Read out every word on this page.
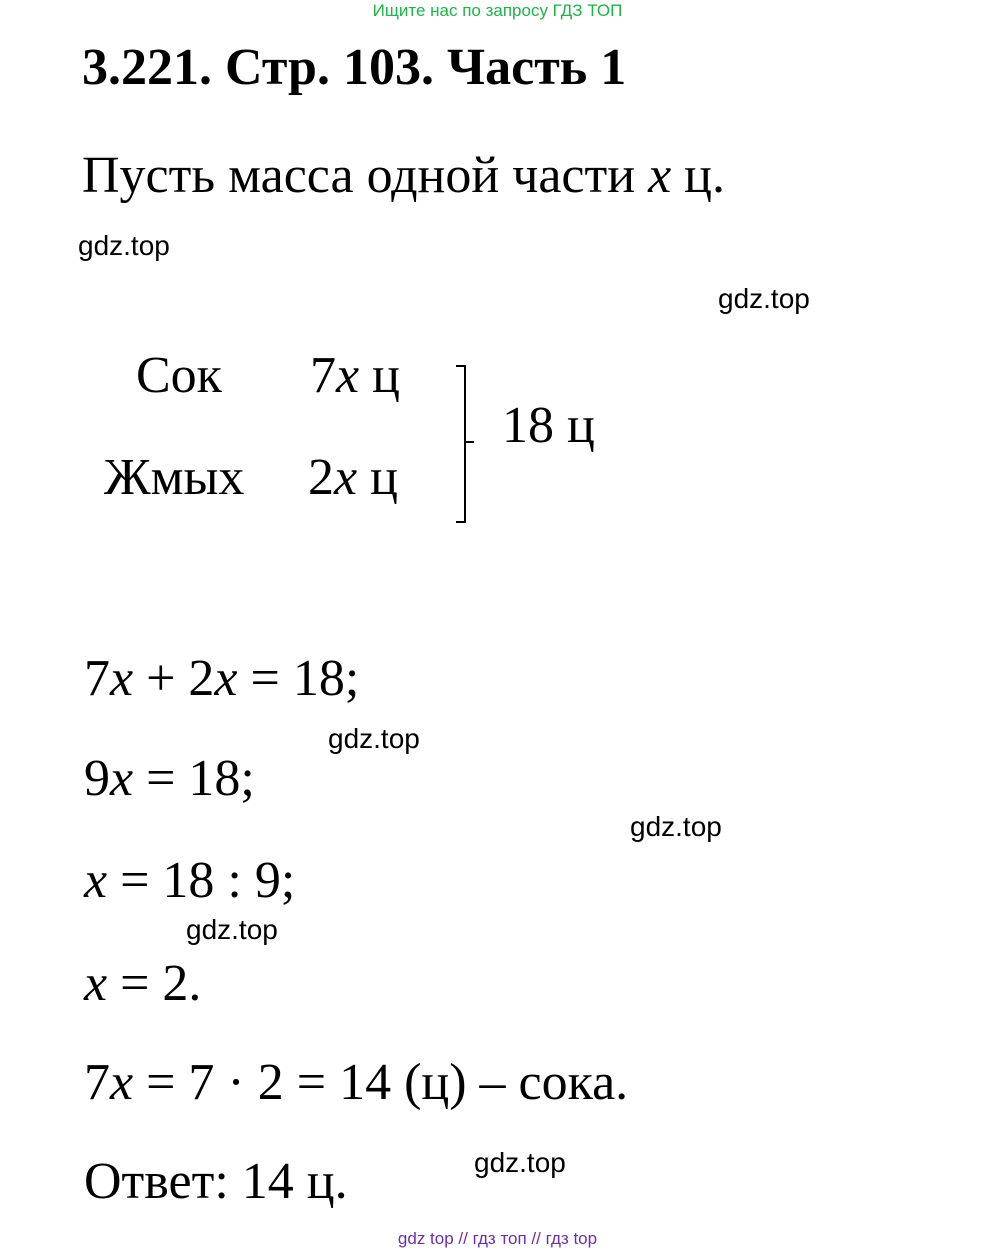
Ищите нас по запросу ГДЗ ТОП
3.221. Стр. 103. Часть 1
Пусть масса одной части x ц.
gdz.top
gdz.top
Сок 7x ц
Жмых 2x ц
18 ц
7x + 2x = 18;
gdz.top
9x = 18;
gdz.top
x = 18 : 9;
gdz.top
x = 2.
7x = 7 · 2 = 14 (ц) – сока.
gdz.top
Ответ: 14 ц.
gdz top // гдз топ // гдз top
